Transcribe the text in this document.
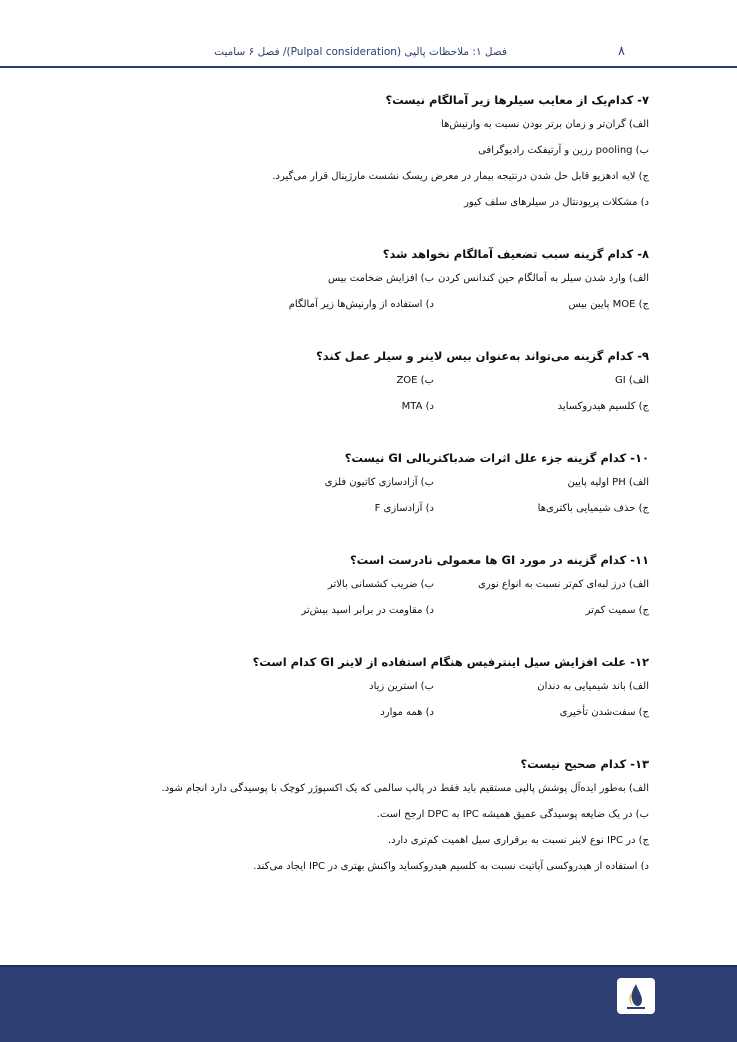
۸
فصل ۱: ملاحظات پالپی (Pulpal consideration)/ فصل ۶ سامیت
۷- کدام‌یک از معایب سیلرها زیر آمالگام نیست؟
الف) گران‌تر و زمان برتر بودن نسبت به وارنیش‌ها
ب) pooling رزین و آرتیفکت رادیوگرافی
ج) لایه ادهزیو قابل حل شدن درنتیجه بیمار در معرض ریسک نشست مارژینال قرار می‌گیرد.
د) مشکلات پریودنتال در سیلرهای سلف کیور
۸- کدام گزینه سبب تضعیف آمالگام نخواهد شد؟
الف) وارد شدن سیلر به آمالگام حین کندانس کردن
ب) افزایش ضخامت بیس
ج) MOE پایین بیس
د) استفاده از وارنیش‌ها زیر آمالگام
۹- کدام گزینه می‌تواند به‌عنوان بیس لاینر و سیلر عمل کند؟
الف) GI
ب) ZOE
ج) کلسیم هیدروکساید
د) MTA
۱۰- کدام گزینه جزء علل اثرات ضدباکتریالی GI نیست؟
الف) PH اولیه پایین
ب) آزادسازی کاتیون فلزی
ج) حذف شیمیایی باکتری‌ها
د) آزادسازی F
۱۱- کدام گزینه در مورد GI ها معمولی نادرست است؟
الف) درز لبه‌ای کم‌تر نسبت به انواع نوری
ب) ضریب کشسانی بالاتر
ج) سمیت کم‌تر
د) مقاومت در برابر اسید بیش‌تر
۱۲- علت افزایش سیل اینترفیس هنگام استفاده از لاینر GI کدام است؟
الف) باند شیمیایی به دندان
ب) استرین زیاد
ج) سفت‌شدن تأخیری
د) همه موارد
۱۳- کدام صحیح نیست؟
الف) به‌طور ایده‌آل پوشش پالپی مستقیم باید فقط در پالپ سالمی که یک اکسپوژر کوچک با پوسیدگی دارد انجام شود.
ب) در یک ضایعه پوسیدگی عمیق همیشه IPC به DPC ارجح است.
ج) در IPC نوع لاینر نسبت به برقراری سیل اهمیت کم‌تری دارد.
د) استفاده از هیدروکسی آپاتیت نسبت به کلسیم هیدروکساید واکنش بهتری در IPC ایجاد می‌کند.
